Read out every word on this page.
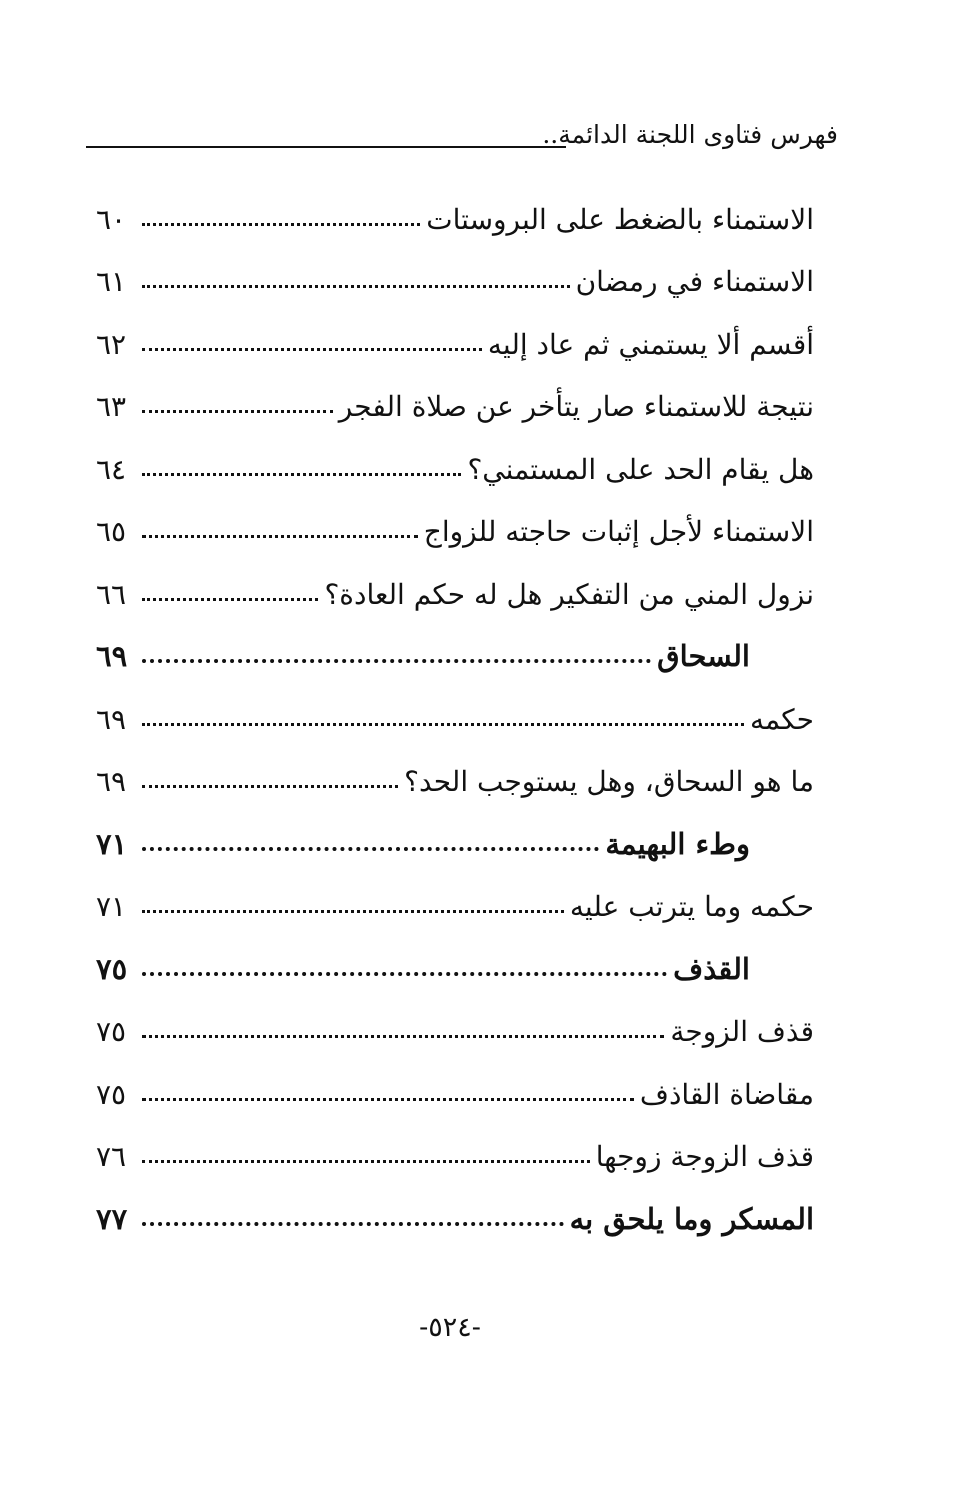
فهرس فتاوى اللجنة الدائمة..
الاستمناء بالضغط على البروستات
٦٠
الاستمناء في رمضان
٦١
أقسم ألا يستمني ثم عاد إليه
٦٢
نتيجة للاستمناء صار يتأخر عن صلاة الفجر
٦٣
هل يقام الحد على المستمني؟
٦٤
الاستمناء لأجل إثبات حاجته للزواج
٦٥
نزول المني من التفكير هل له حكم العادة؟
٦٦
السحاق
٦٩
حكمه
٦٩
ما هو السحاق، وهل يستوجب الحد؟
٦٩
وطء البهيمة
٧١
حكمه وما يترتب عليه
٧١
القذف
٧٥
قذف الزوجة
٧٥
مقاضاة القاذف
٧٥
قذف الزوجة زوجها
٧٦
المسكر وما يلحق به
٧٧
-٥٢٤-
